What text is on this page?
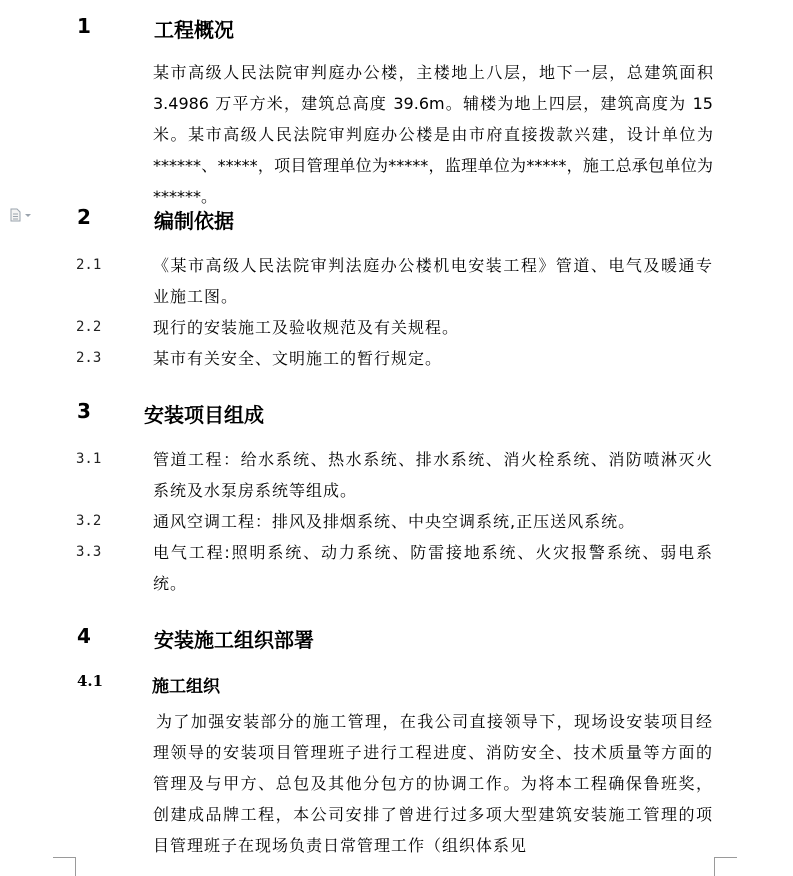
1	工程概况
某市高级人民法院审判庭办公楼，主楼地上八层，地下一层，总建筑面积 3.4986 万平方米，建筑总高度 39.6m。辅楼为地上四层，建筑高度为 15 米。某市高级人民法院审判庭办公楼是由市府直接拨款兴建，设计单位为******、*****，项目管理单位为*****，监理单位为*****，施工总承包单位为******。
2	编制依据
2.1	《某市高级人民法院审判法庭办公楼机电安装工程》管道、电气及暖通专业施工图。
2.2	现行的安装施工及验收规范及有关规程。
2.3	某市有关安全、文明施工的暂行规定。
3	安装项目组成
3.1	管道工程：给水系统、热水系统、排水系统、消火栓系统、消防喷淋灭火系统及水泵房系统等组成。
3.2	通风空调工程：排风及排烟系统、中央空调系统,正压送风系统。
3.3	电气工程:照明系统、动力系统、防雷接地系统、火灾报警系统、弱电系统。
4	安装施工组织部署
4.1	施工组织
为了加强安装部分的施工管理，在我公司直接领导下，现场设安装项目经理领导的安装项目管理班子进行工程进度、消防安全、技术质量等方面的管理及与甲方、总包及其他分包方的协调工作。为将本工程确保鲁班奖，创建成品牌工程，本公司安排了曾进行过多项大型建筑安装施工管理的项目管理班子在现场负责日常管理工作（组织体系见
